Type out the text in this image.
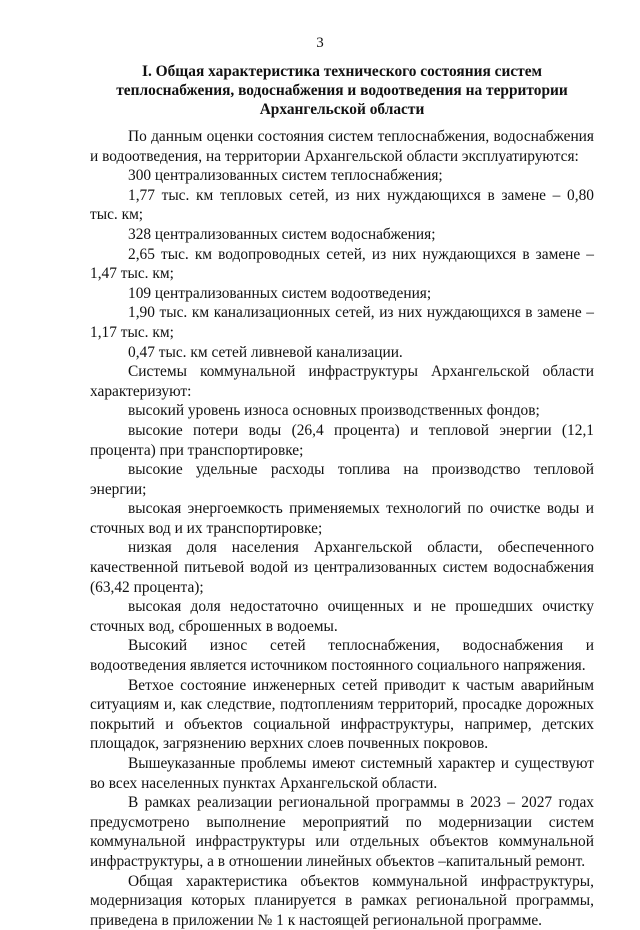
3
I. Общая характеристика технического состояния систем
теплоснабжения, водоснабжения и водоотведения на территории
Архангельской области

По данным оценки состояния систем теплоснабжения, водоснабжения и водоотведения, на территории Архангельской области эксплуатируются:

300 централизованных систем теплоснабжения;

1,77 тыс. км тепловых сетей, из них нуждающихся в замене – 0,80 тыс. км;

328 централизованных систем водоснабжения;

2,65 тыс. км водопроводных сетей, из них нуждающихся в замене – 1,47 тыс. км;

109 централизованных систем водоотведения;

1,90 тыс. км канализационных сетей, из них нуждающихся в замене – 1,17 тыс. км;

0,47 тыс. км сетей ливневой канализации.

Системы коммунальной инфраструктуры Архангельской области характеризуют:

высокий уровень износа основных производственных фондов;

высокие потери воды (26,4 процента) и тепловой энергии (12,1 процента) при транспортировке;

высокие удельные расходы топлива на производство тепловой энергии;

высокая энергоемкость применяемых технологий по очистке воды и сточных вод и их транспортировке;

низкая доля населения Архангельской области, обеспеченного качественной питьевой водой из централизованных систем водоснабжения (63,42 процента);

высокая доля недостаточно очищенных и не прошедших очистку сточных вод, сброшенных в водоемы.

Высокий износ сетей теплоснабжения, водоснабжения и водоотведения является источником постоянного социального напряжения.

Ветхое состояние инженерных сетей приводит к частым аварийным ситуациям и, как следствие, подтоплениям территорий, просадке дорожных покрытий и объектов социальной инфраструктуры, например, детских площадок, загрязнению верхних слоев почвенных покровов.

Вышеуказанные проблемы имеют системный характер и существуют во всех населенных пунктах Архангельской области.

В рамках реализации региональной программы в 2023 – 2027 годах предусмотрено выполнение мероприятий по модернизации систем коммунальной инфраструктуры или отдельных объектов коммунальной инфраструктуры, а в отношении линейных объектов –капитальный ремонт.

Общая характеристика объектов коммунальной инфраструктуры, модернизация которых планируется в рамках региональной программы, приведена в приложении № 1 к настоящей региональной программе.
